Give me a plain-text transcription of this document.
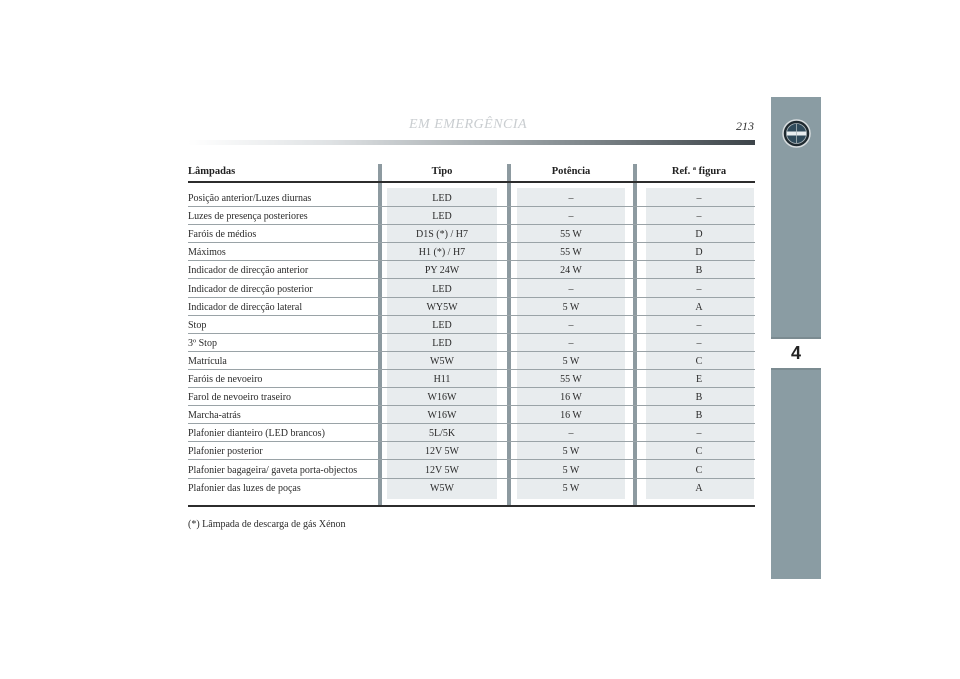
EM EMERGÊNCIA	213
4
Lâmpadas	Tipo	Potência	Ref. ª figura
Posição anterior/Luzes diurnas	LED	–	–
Luzes de presença posteriores	LED	–	–
Faróis de médios	D1S (*) / H7	55 W	D
Máximos	H1 (*) / H7	55 W	D
Indicador de direcção anterior	PY 24W	24 W	B
Indicador de direcção posterior	LED	–	–
Indicador de direcção lateral	WY5W	5 W	A
Stop	LED	–	–
3º Stop	LED	–	–
Matrícula	W5W	5 W	C
Faróis de nevoeiro	H11	55 W	E
Farol de nevoeiro traseiro	W16W	16 W	B
Marcha-atrás	W16W	16 W	B
Plafonier dianteiro (LED brancos)	5L/5K	–	–
Plafonier posterior	12V 5W	5 W	C
Plafonier bagageira/ gaveta porta-objectos	12V 5W	5 W	C
Plafonier das luzes de poças	W5W	5 W	A
(*) Lâmpada de descarga de gás Xénon
